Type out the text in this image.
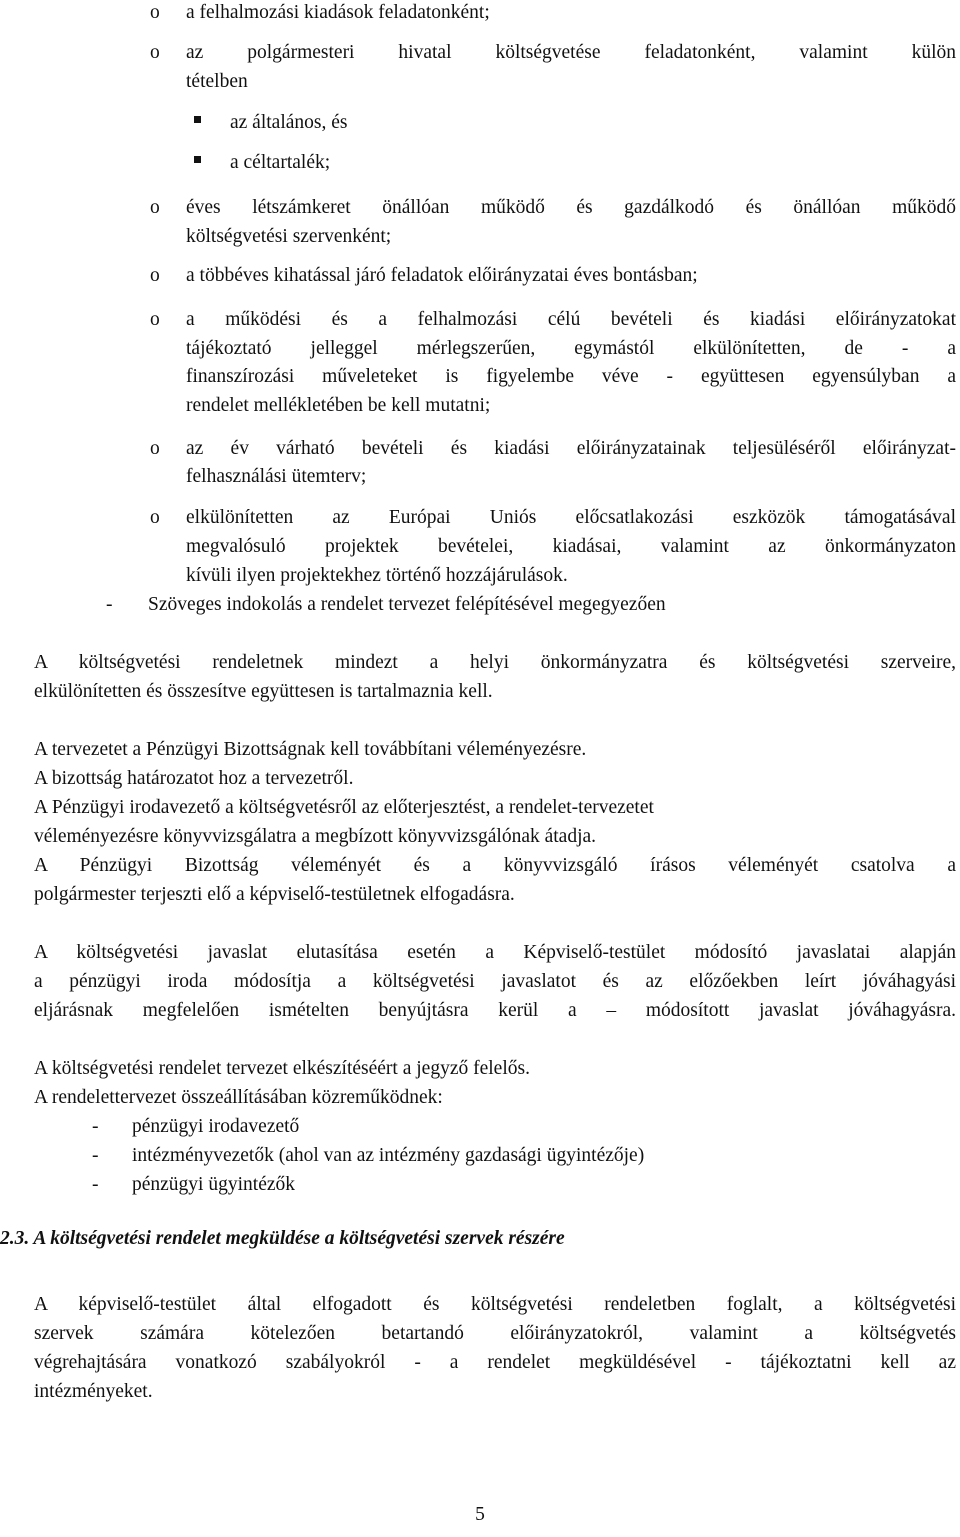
o a felhalmozási kiadások feladatonként;
o az polgármesteri hivatal költségvetése feladatonként, valamint külön
tételben
az általános, és
a céltartalék;
o éves létszámkeret önállóan működő és gazdálkodó és önállóan működő
költségvetési szervenként;
o a többéves kihatással járó feladatok előirányzatai éves bontásban;
o a működési és a felhalmozási célú bevételi és kiadási előirányzatokat
tájékoztató jelleggel mérlegszerűen, egymástól elkülönítetten, de - a
finanszírozási műveleteket is figyelembe véve - együttesen egyensúlyban a
rendelet mellékletében be kell mutatni;
o az év várható bevételi és kiadási előirányzatainak teljesüléséről előirányzat-
felhasználási ütemterv;
o elkülönítetten az Európai Uniós előcsatlakozási eszközök támogatásával
megvalósuló projektek bevételei, kiadásai, valamint az önkormányzaton
kívüli ilyen projektekhez történő hozzájárulások.
- Szöveges indokolás a rendelet tervezet felépítésével megegyezően
A költségvetési rendeletnek mindezt a helyi önkormányzatra és költségvetési szerveire,
elkülönítetten és összesítve együttesen is tartalmaznia kell.
A tervezetet a Pénzügyi Bizottságnak kell továbbítani véleményezésre.
A bizottság határozatot hoz a tervezetről.
A Pénzügyi irodavezető a költségvetésről az előterjesztést, a rendelet-tervezetet
véleményezésre könyvvizsgálatra a megbízott könyvvizsgálónak átadja.
A Pénzügyi Bizottság véleményét és a könyvvizsgáló írásos véleményét csatolva a
polgármester terjeszti elő a képviselő-testületnek elfogadásra.
A költségvetési javaslat elutasítása esetén a Képviselő-testület módosító javaslatai alapján
a pénzügyi iroda módosítja a költségvetési javaslatot és az előzőekben leírt jóváhagyási
eljárásnak megfelelően ismételten benyújtásra kerül a – módosított javaslat jóváhagyásra.
A költségvetési rendelet tervezet elkészítéséért a jegyző felelős.
A rendelettervezet összeállításában közreműködnek:
- pénzügyi irodavezető
- intézményvezetők (ahol van az intézmény gazdasági ügyintézője)
- pénzügyi ügyintézők
2.3. A költségvetési rendelet megküldése a költségvetési szervek részére
A képviselő-testület által elfogadott és költségvetési rendeletben foglalt, a költségvetési
szervek számára kötelezően betartandó előirányzatokról, valamint a költségvetés
végrehajtására vonatkozó szabályokról - a rendelet megküldésével - tájékoztatni kell az
intézményeket.
5
